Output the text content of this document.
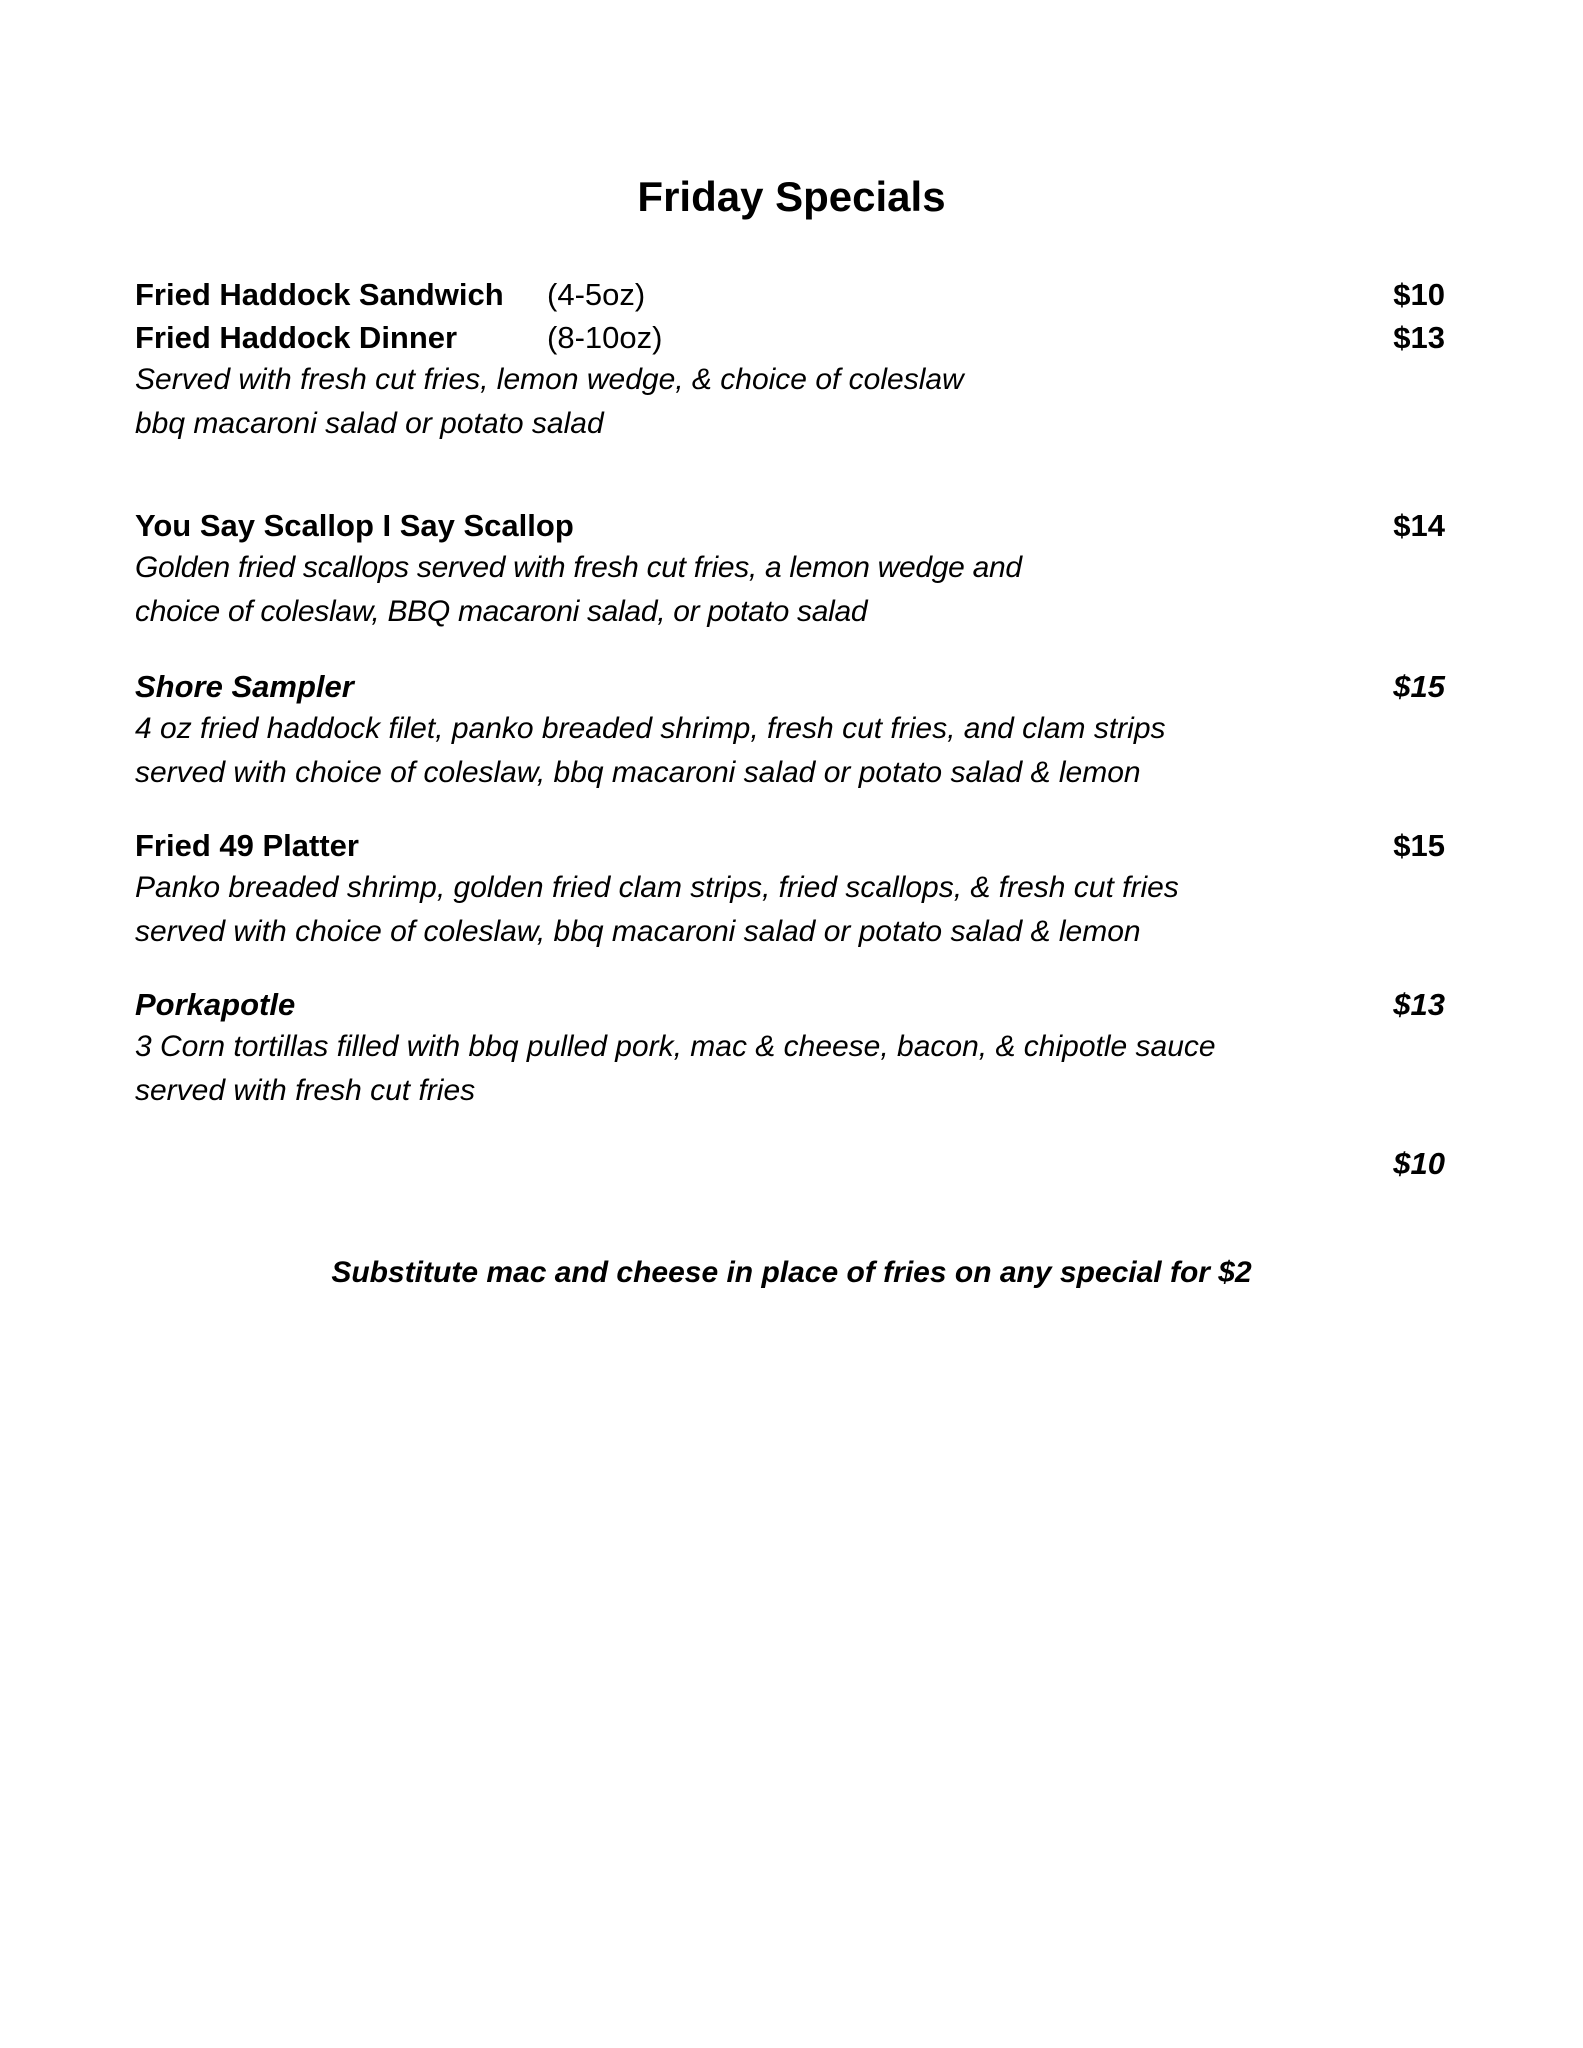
Friday Specials
Fried Haddock Sandwich (4-5oz)	$10
Fried Haddock Dinner	(8-10oz)	$13

Served with fresh cut fries, lemon wedge, & choice of coleslaw
bbq macaroni salad or potato salad

You Say Scallop I Say Scallop	$14

Golden fried scallops served with fresh cut fries, a lemon wedge and
choice of coleslaw, BBQ macaroni salad, or potato salad

Shore Sampler	$15

4 oz fried haddock filet, panko breaded shrimp, fresh cut fries, and clam strips
served with choice of coleslaw, bbq macaroni salad or potato salad & lemon

Fried 49 Platter	$15

Panko breaded shrimp, golden fried clam strips, fried scallops, & fresh cut fries
served with choice of coleslaw, bbq macaroni salad or potato salad & lemon

Porkapotle	$13

3 Corn tortillas filled with bbq pulled pork, mac & cheese, bacon, & chipotle sauce
served with fresh cut fries

$10

Substitute mac and cheese in place of fries on any special for $2
